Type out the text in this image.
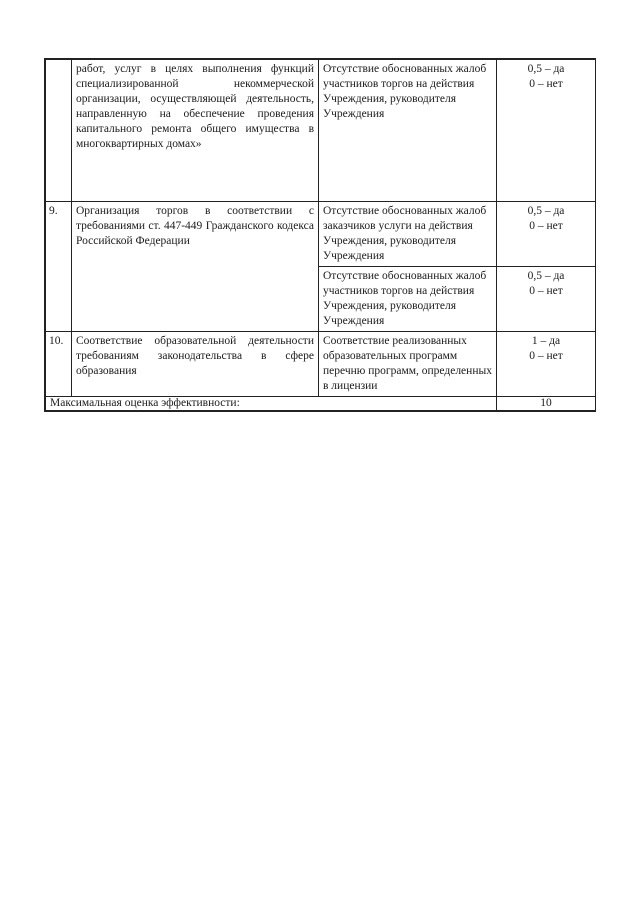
	работ, услуг в целях выполнения функций специализированной некоммерческой организации, осуществляющей деятельность, направленную на обеспечение проведения капитального ремонта общего имущества в многоквартирных домах»	Отсутствие обоснованных жалоб участников торгов на действия Учреждения, руководителя Учреждения	0,5 – да
0 – нет

9.	Организация торгов в соответствии с требованиями ст. 447-449 Гражданского кодекса Российской Федерации	Отсутствие обоснованных жалоб заказчиков услуги на действия Учреждения, руководителя Учреждения	0,5 – да
0 – нет

		Отсутствие обоснованных жалоб участников торгов на действия Учреждения, руководителя Учреждения	0,5 – да
0 – нет

10.	Соответствие образовательной деятельности требованиям законодательства в сфере образования	Соответствие реализованных образовательных программ перечню программ, определенных в лицензии	1 – да
0 – нет

Максимальная оценка эффективности:			10
